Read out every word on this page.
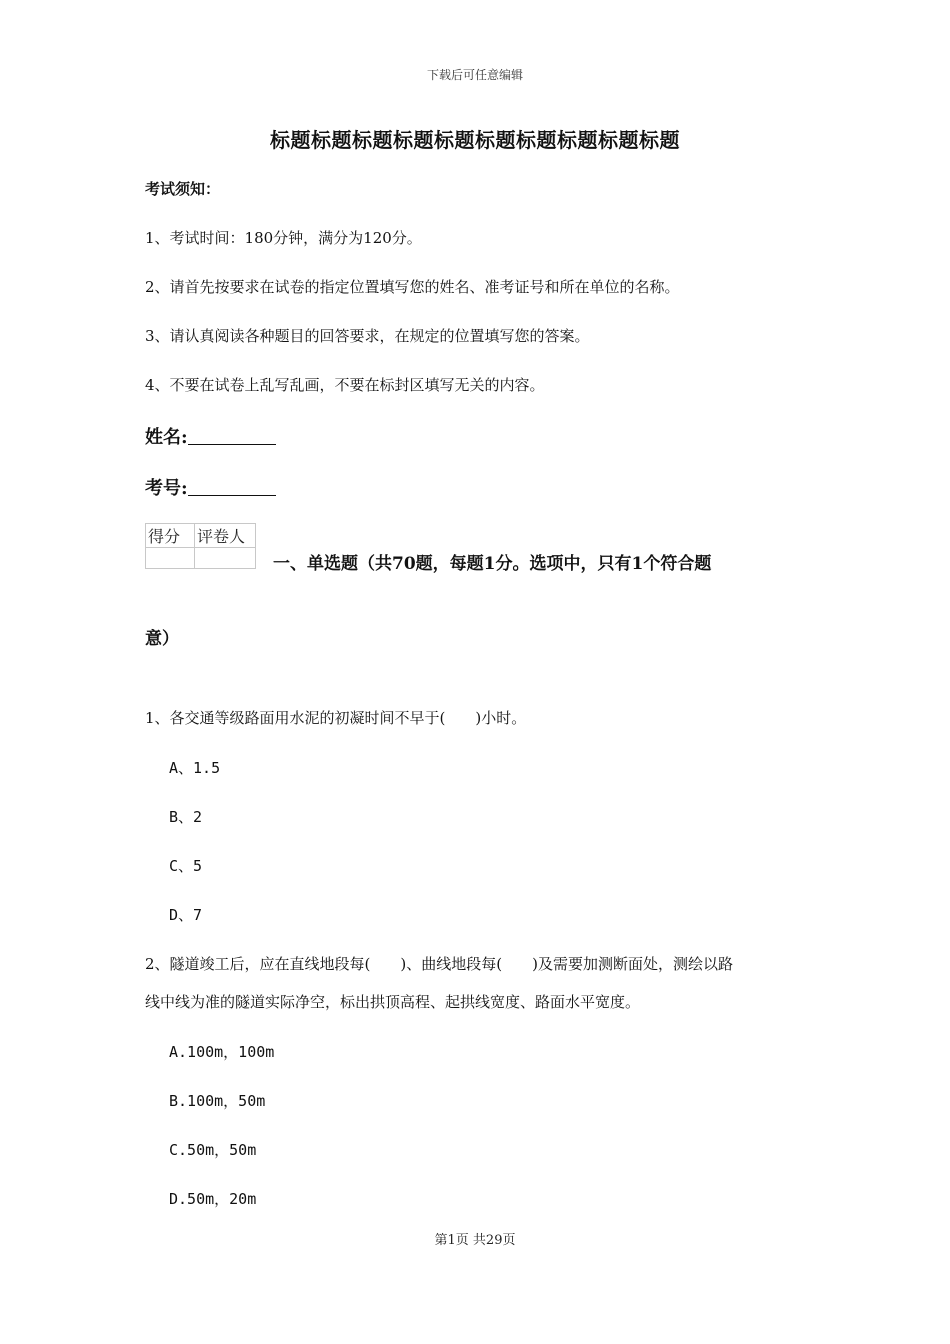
下载后可任意编辑
标题标题标题标题标题标题标题标题标题标题
考试须知：
1、考试时间：180分钟，满分为120分。
2、请首先按要求在试卷的指定位置填写您的姓名、准考证号和所在单位的名称。
3、请认真阅读各种题目的回答要求，在规定的位置填写您的答案。
4、不要在试卷上乱写乱画，不要在标封区填写无关的内容。
姓名:
考号:
得分	评卷人

一、单选题（共70题，每题1分。选项中，只有1个符合题
意）
1、各交通等级路面用水泥的初凝时间不早于(　　)小时。
A、1.5
B、2
C、5
D、7
2、隧道竣工后，应在直线地段每(　　)、曲线地段每(　　)及需要加测断面处，测绘以路
线中线为准的隧道实际净空，标出拱顶高程、起拱线宽度、路面水平宽度。
A.100m，100m
B.100m，50m
C.50m，50m
D.50m，20m
第1页 共29页
